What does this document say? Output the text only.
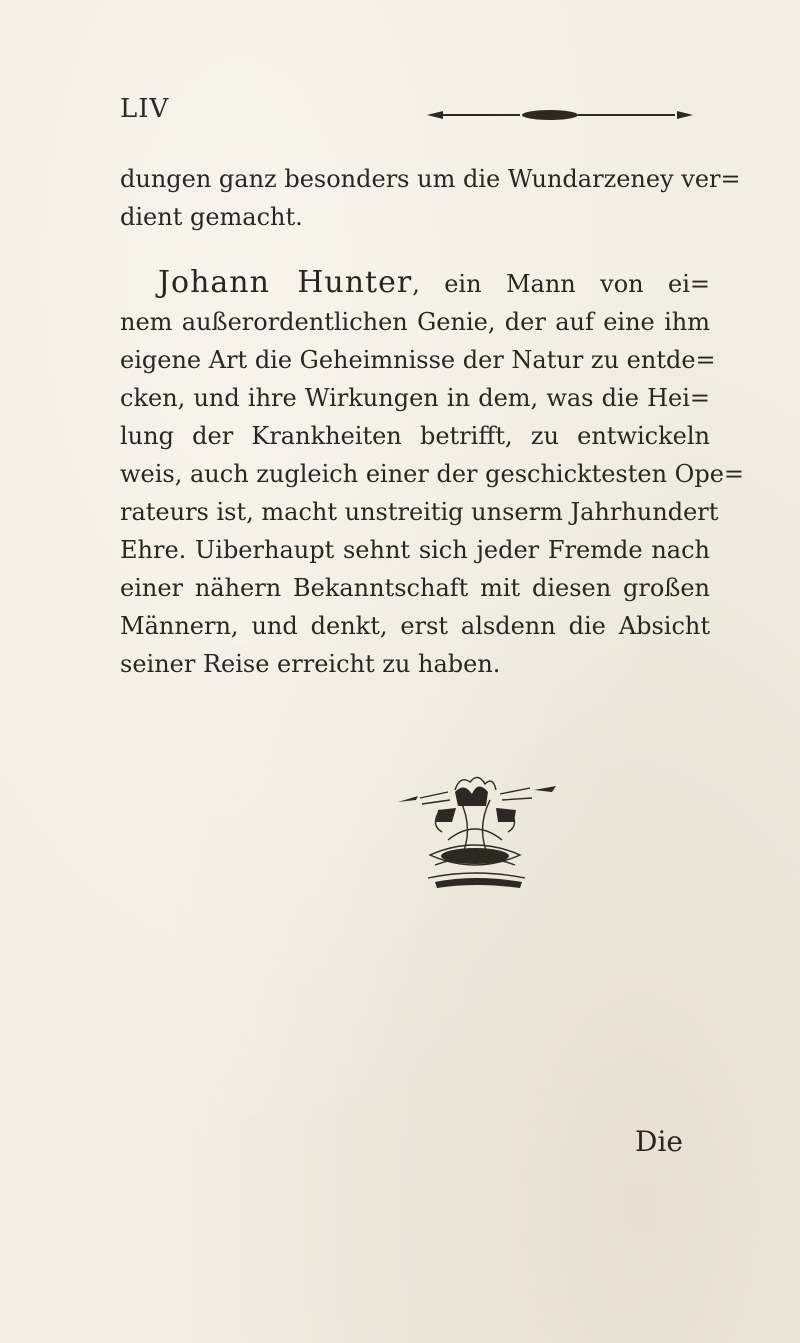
LIV
dungen ganz besonders um die Wundarzeney ver=
dient gemacht.
Johann Hunter, ein Mann von ei=
nem außerordentlichen Genie, der auf eine ihm
eigene Art die Geheimnisse der Natur zu entde=
cken, und ihre Wirkungen in dem, was die Hei=
lung der Krankheiten betrifft, zu entwickeln
weis, auch zugleich einer der geschicktesten Ope=
rateurs ist, macht unstreitig unserm Jahrhundert
Ehre. Uiberhaupt sehnt sich jeder Fremde nach
einer nähern Bekanntschaft mit diesen großen
Männern, und denkt, erst alsdenn die Absicht
seiner Reise erreicht zu haben.
Die
